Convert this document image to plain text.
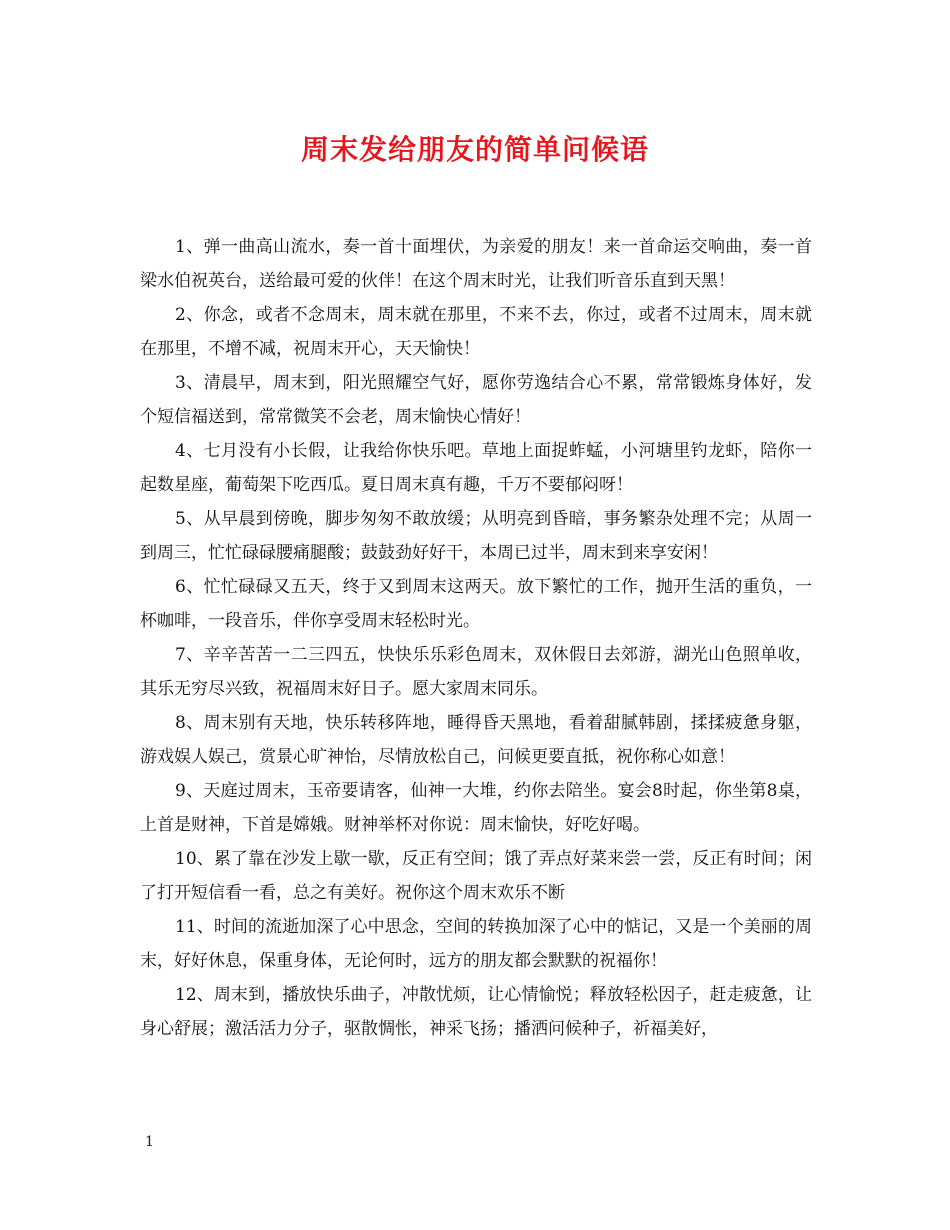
周末发给朋友的简单问候语

1、弹一曲高山流水，奏一首十面埋伏，为亲爱的朋友！来一首命运交响曲，奏一首梁水伯祝英台，送给最可爱的伙伴！在这个周末时光，让我们听音乐直到天黑！

2、你念，或者不念周末，周末就在那里，不来不去，你过，或者不过周末，周末就在那里，不增不减，祝周末开心，天天愉快！

3、清晨早，周末到，阳光照耀空气好，愿你劳逸结合心不累，常常锻炼身体好，发个短信福送到，常常微笑不会老，周末愉快心情好！

4、七月没有小长假，让我给你快乐吧。草地上面捉蚱蜢，小河塘里钓龙虾，陪你一起数星座，葡萄架下吃西瓜。夏日周末真有趣，千万不要郁闷呀！

5、从早晨到傍晚，脚步匆匆不敢放缓；从明亮到昏暗，事务繁杂处理不完；从周一到周三，忙忙碌碌腰痛腿酸；鼓鼓劲好好干，本周已过半，周末到来享安闲！

6、忙忙碌碌又五天，终于又到周末这两天。放下繁忙的工作，抛开生活的重负，一杯咖啡，一段音乐，伴你享受周末轻松时光。

7、辛辛苦苦一二三四五，快快乐乐彩色周末，双休假日去郊游，湖光山色照单收，其乐无穷尽兴致，祝福周末好日子。愿大家周末同乐。

8、周末别有天地，快乐转移阵地，睡得昏天黑地，看着甜腻韩剧，揉揉疲惫身躯，游戏娱人娱己，赏景心旷神怡，尽情放松自己，问候更要直抵，祝你称心如意！

9、天庭过周末，玉帝要请客，仙神一大堆，约你去陪坐。宴会8时起，你坐第8桌，上首是财神，下首是嫦娥。财神举杯对你说：周末愉快，好吃好喝。

10、累了靠在沙发上歇一歇，反正有空间；饿了弄点好菜来尝一尝，反正有时间；闲了打开短信看一看，总之有美好。祝你这个周末欢乐不断

11、时间的流逝加深了心中思念，空间的转换加深了心中的惦记，又是一个美丽的周末，好好休息，保重身体，无论何时，远方的朋友都会默默的祝福你！

12、周末到，播放快乐曲子，冲散忧烦，让心情愉悦；释放轻松因子，赶走疲惫，让身心舒展；激活活力分子，驱散惆怅，神采飞扬；播洒问候种子，祈福美好，

1
